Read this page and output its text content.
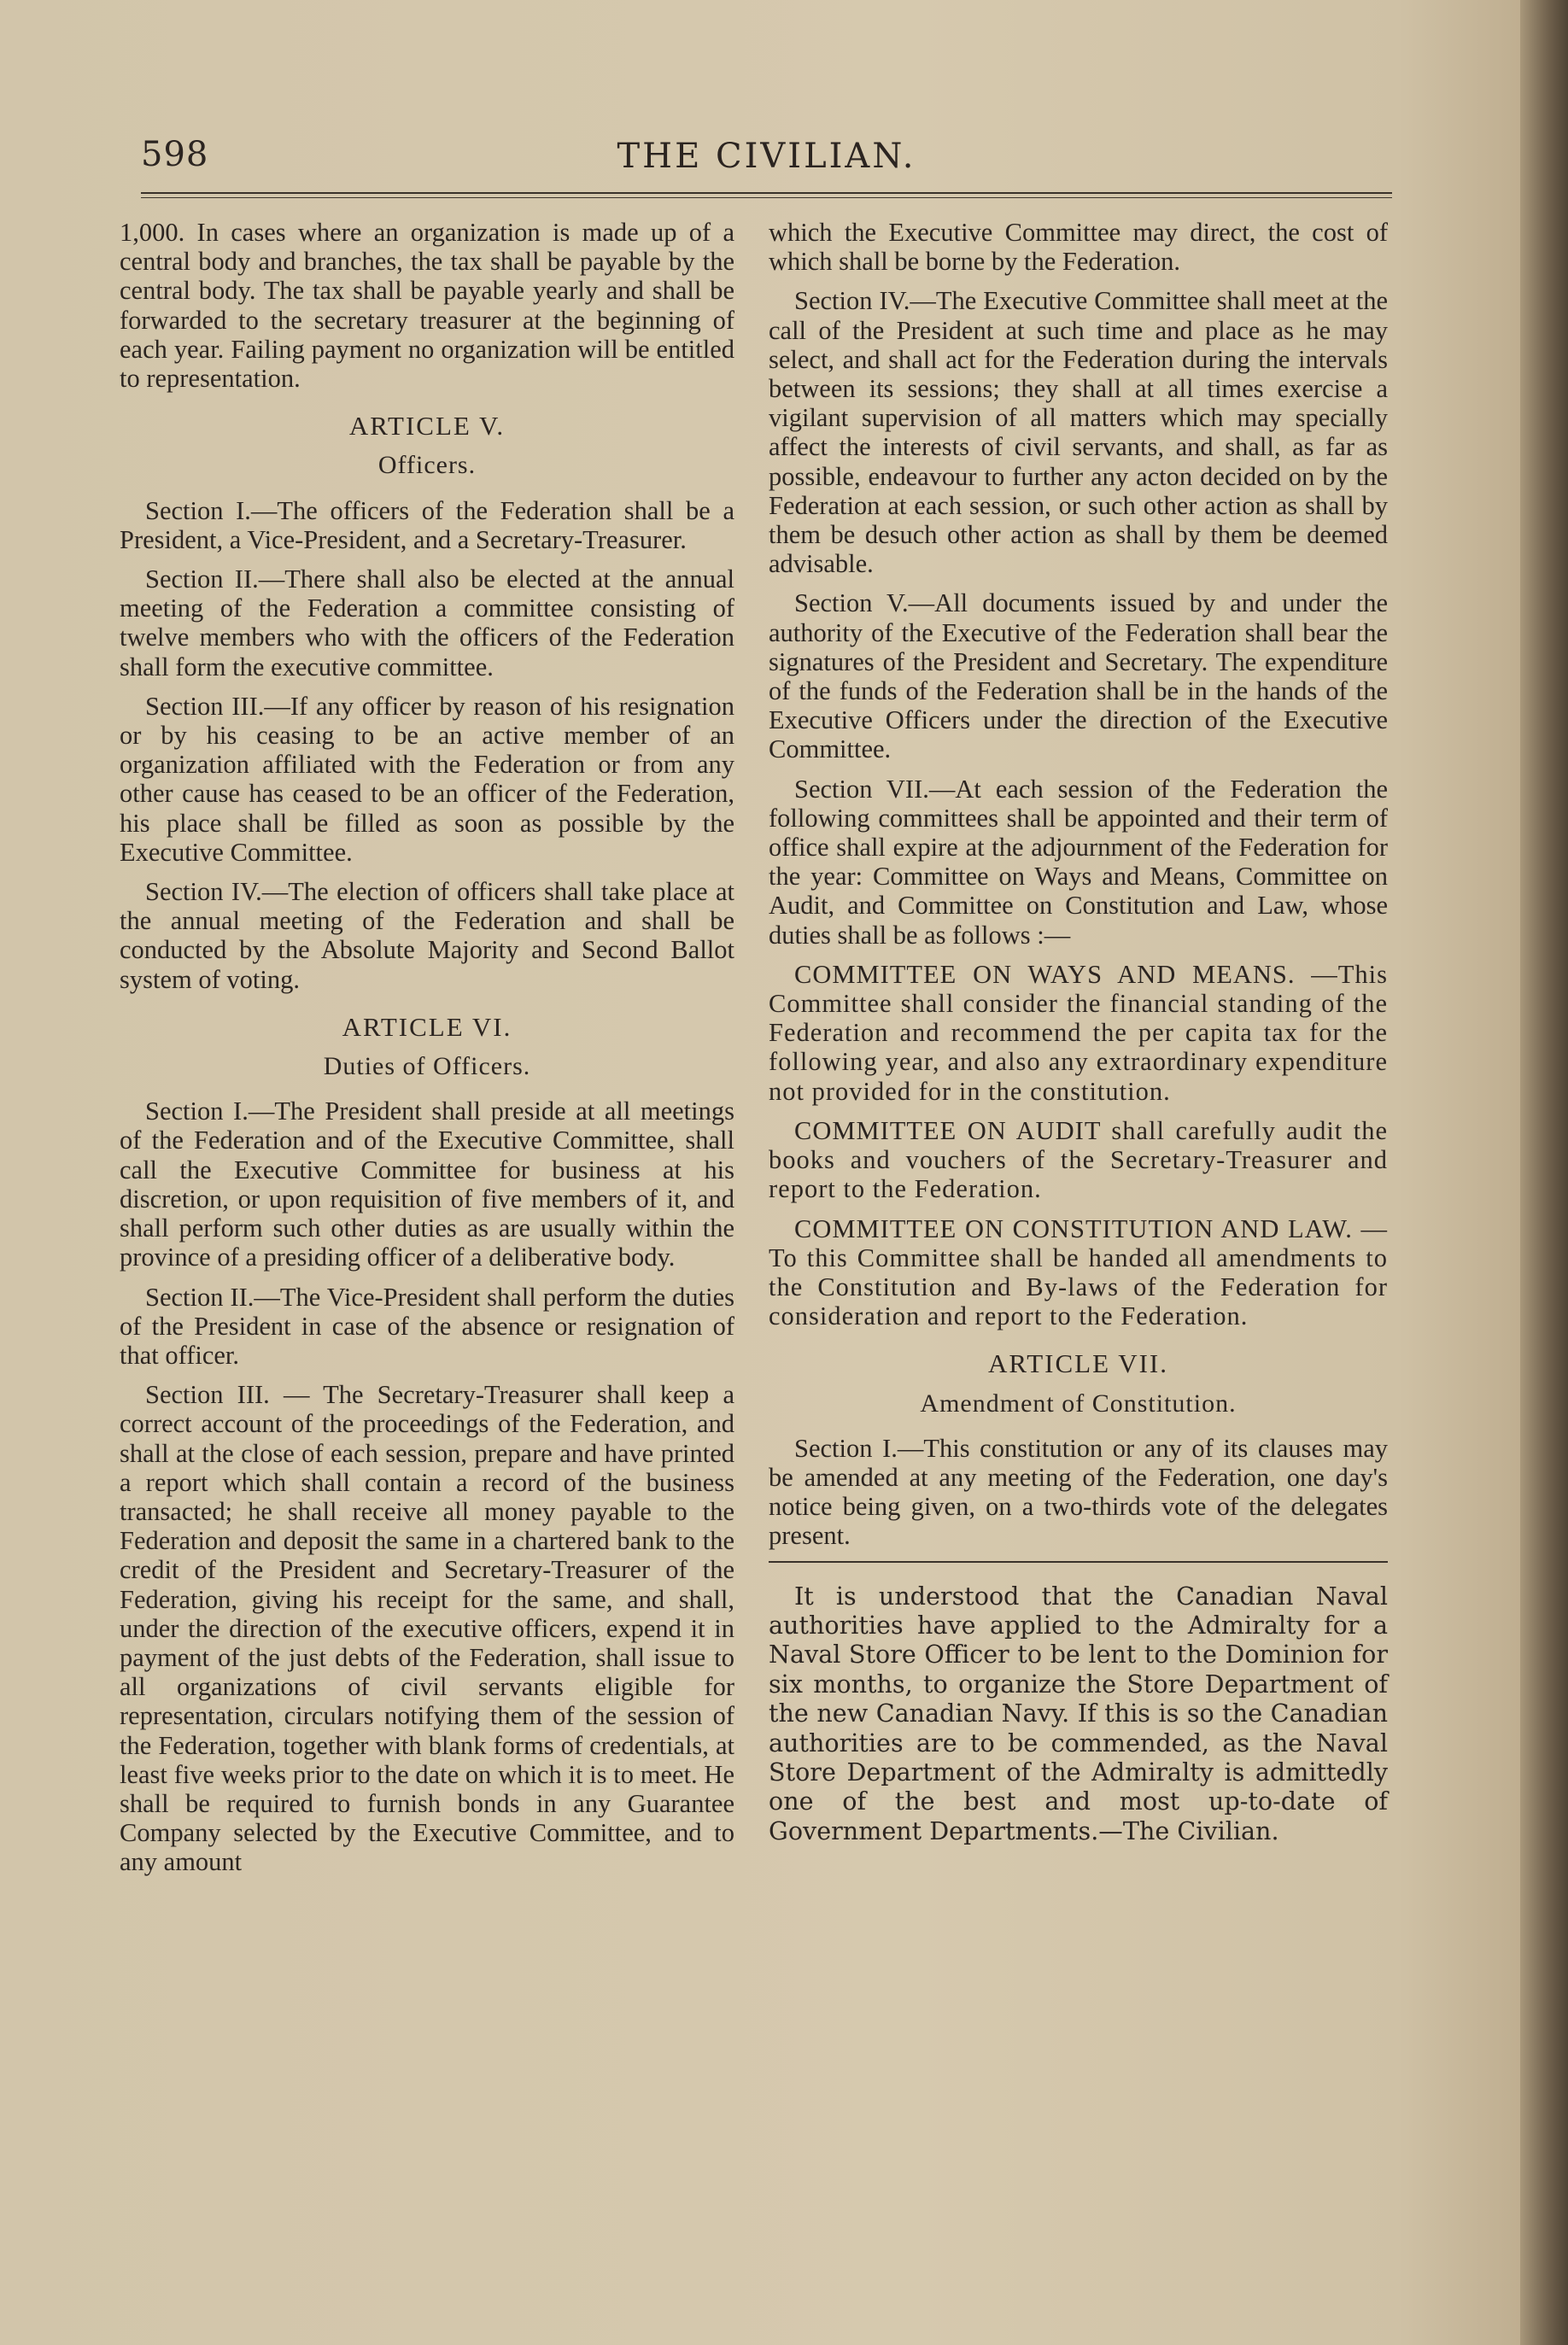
598	THE CIVILIAN.

1,000. In cases where an organization is made up of a central body and branches, the tax shall be payable by the central body. The tax shall be payable yearly and shall be forwarded to the secretary treasurer at the beginning of each year. Failing payment no organization will be entitled to representation.

ARTICLE V.
Officers.

Section I.—The officers of the Federation shall be a President, a Vice-President, and a Secretary-Treasurer.

Section II.—There shall also be elected at the annual meeting of the Federation a committee consisting of twelve members who with the officers of the Federation shall form the executive committee.

Section III.—If any officer by reason of his resignation or by his ceasing to be an active member of an organization affiliated with the Federation or from any other cause has ceased to be an officer of the Federation, his place shall be filled as soon as possible by the Executive Committee.

Section IV.—The election of officers shall take place at the annual meeting of the Federation and shall be conducted by the Absolute Majority and Second Ballot system of voting.

ARTICLE VI.
Duties of Officers.

Section I.—The President shall preside at all meetings of the Federation and of the Executive Committee, shall call the Executive Committee for business at his discretion, or upon requisition of five members of it, and shall perform such other duties as are usually within the province of a presiding officer of a deliberative body.

Section II.—The Vice-President shall perform the duties of the President in case of the absence or resignation of that officer.

Section III. — The Secretary-Treasurer shall keep a correct account of the proceedings of the Federation, and shall at the close of each session, prepare and have printed a report which shall contain a record of the business transacted; he shall receive all money payable to the Federation and deposit the same in a chartered bank to the credit of the President and Secretary-Treasurer of the Federation, giving his receipt for the same, and shall, under the direction of the executive officers, expend it in payment of the just debts of the Federation, shall issue to all organizations of civil servants eligible for representation, circulars notifying them of the session of the Federation, together with blank forms of credentials, at least five weeks prior to the date on which it is to meet. He shall be required to furnish bonds in any Guarantee Company selected by the Executive Committee, and to any amount

which the Executive Committee may direct, the cost of which shall be borne by the Federation.

Section IV.—The Executive Committee shall meet at the call of the President at such time and place as he may select, and shall act for the Federation during the intervals between its sessions; they shall at all times exercise a vigilant supervision of all matters which may specially affect the interests of civil servants, and shall, as far as possible, endeavour to further any acton decided on by the Federation at each session, or such other action as shall by them be desuch other action as shall by them be deemed advisable.

Section V.—All documents issued by and under the authority of the Executive of the Federation shall bear the signatures of the President and Secretary. The expenditure of the funds of the Federation shall be in the hands of the Executive Officers under the direction of the Executive Committee.

Section VII.—At each session of the Federation the following committees shall be appointed and their term of office shall expire at the adjournment of the Federation for the year: Committee on Ways and Means, Committee on Audit, and Committee on Constitution and Law, whose duties shall be as follows :—

COMMITTEE ON WAYS AND MEANS. —This Committee shall consider the financial standing of the Federation and recommend the per capita tax for the following year, and also any extraordinary expenditure not provided for in the constitution.

COMMITTEE ON AUDIT shall carefully audit the books and vouchers of the Secretary-Treasurer and report to the Federation.

COMMITTEE ON CONSTITUTION AND LAW. — To this Committee shall be handed all amendments to the Constitution and By-laws of the Federation for consideration and report to the Federation.

ARTICLE VII.
Amendment of Constitution.

Section I.—This constitution or any of its clauses may be amended at any meeting of the Federation, one day's notice being given, on a two-thirds vote of the delegates present.

It is understood that the Canadian Naval authorities have applied to the Admiralty for a Naval Store Officer to be lent to the Dominion for six months, to organize the Store Department of the new Canadian Navy. If this is so the Canadian authorities are to be commended, as the Naval Store Department of the Admiralty is admittedly one of the best and most up-to-date of Government Departments.—The Civilian.
